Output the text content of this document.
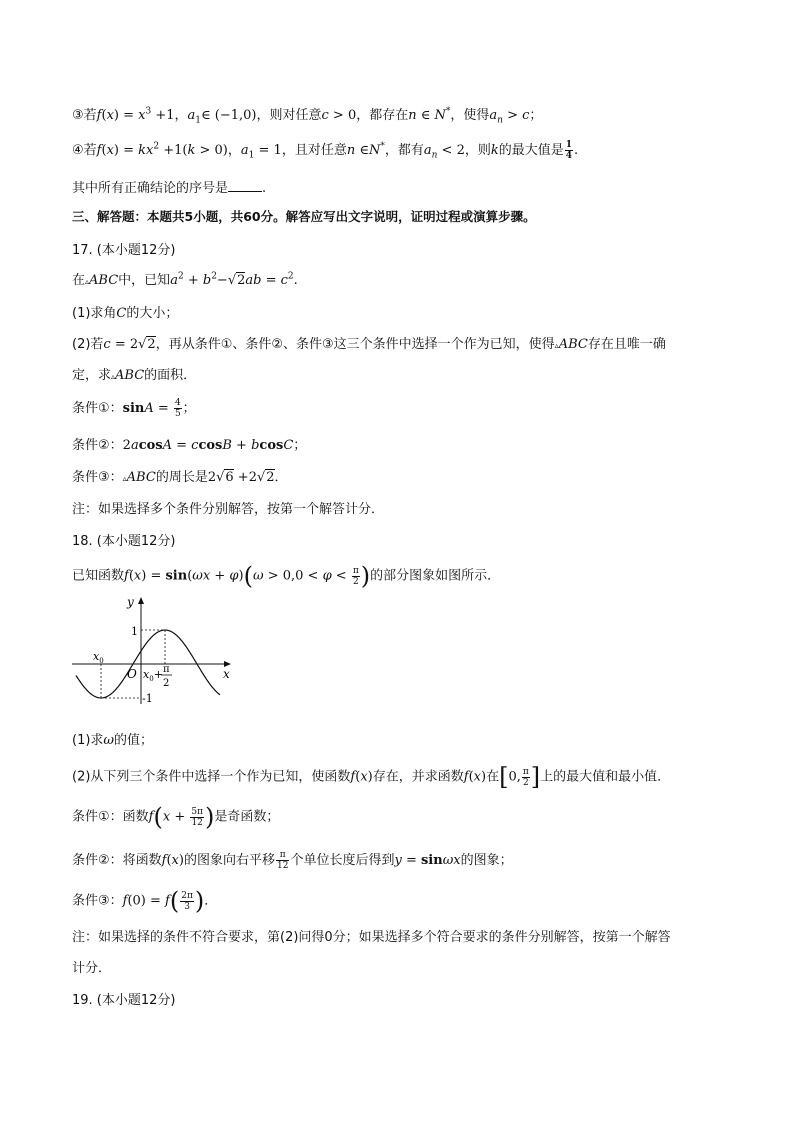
③若$f(x) = x^3 +1$，$a_1\in$ (−1,0)，则对任意c > 0，都存在n ∈ N*，使得$a_n > c$；
④若$f(x) = kx^2 +1(k > 0)$，$a_1 = 1$，且对任意n ∈N*，都有$a_n < 2$，则k的最大值是 $\frac{1}{4}$ .
其中所有正确结论的序号是	.
三、解答题：本题共5小题，共60分。解答应写出文字说明，证明过程或演算步骤。
17. (本小题12分)
在▵ABC中，已知$a^2 + b^2-√2ab = c^2$.
(1)求角C的大小；
(2)若c = 2√2，再从条件①、条件②、条件③这三个条件中选择一个作为已知，使得▵ABC存在且唯一确
定，求▵ABC的面积．
条件①：$\sin A = \frac{4}{5}$ ；
条件②：2acosA = ccosB + bcosC；
条件③：▵ABC的周长是2√6 +2√2．
注：如果选择多个条件分别解答，按第一个解答计分．
18. (本小题12分)
已知函数$f(x) = \sin(\omega x + \varphi)(\omega > 0,0 < \varphi < \frac{\pi}{2}$ )的部分图象如图所示．
y
x
1
-1
O
$x_0$
$x_0+ \pi$
2
(1)求ω的值；
(2)从下列三个条件中选择一个作为已知，使函数f(x)存在，并求函数f(x)在[0, $\frac{\pi}{2}$ ]上的最大值和最小值．
条件①：函数$f(x + \frac{5\pi}{12}$ )是奇函数；
条件②：将函数f(x)的图象向右平移 $\frac{\pi}{12}$ 个单位长度后得到y = sinωx的图象；
条件③：$f(0) = f( \frac{2\pi}{3}$ )．
注：如果选择的条件不符合要求，第(2)问得0分；如果选择多个符合要求的条件分别解答，按第一个解答
计分．
19. (本小题12分)
